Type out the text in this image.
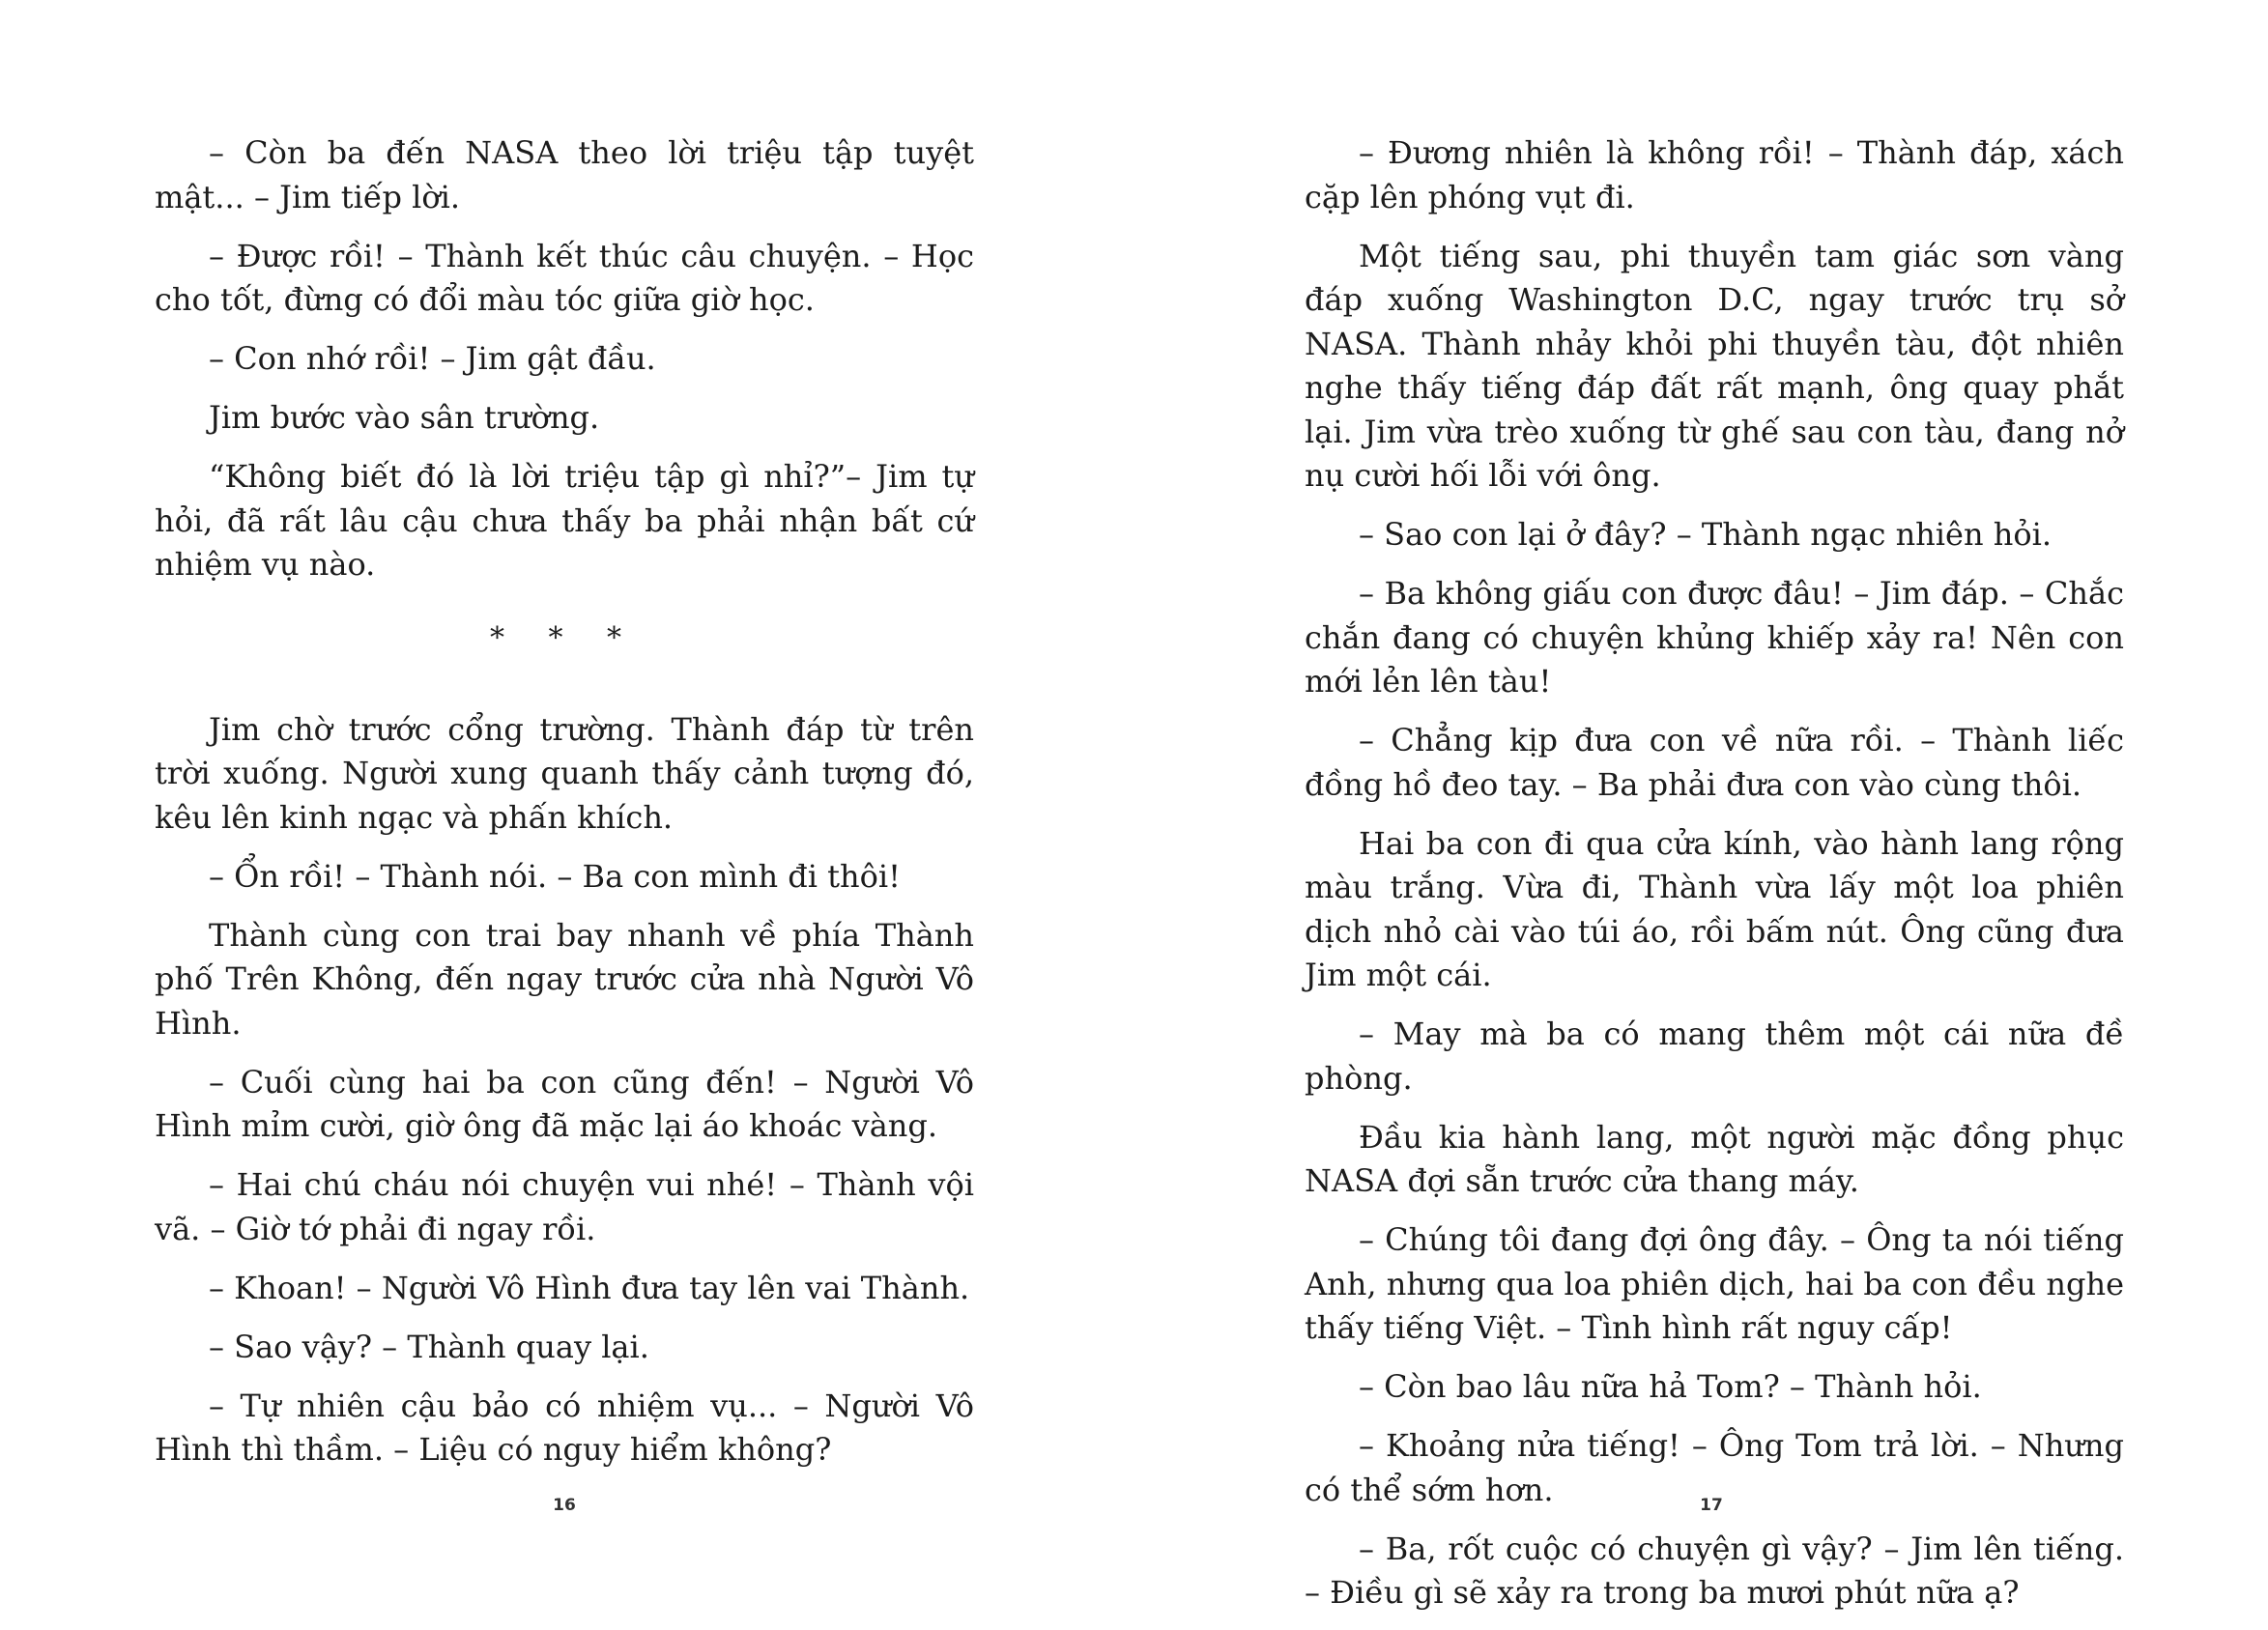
– Còn ba đến NASA theo lời triệu tập tuyệt mật... – Jim tiếp lời.

– Được rồi! – Thành kết thúc câu chuyện. – Học cho tốt, đừng có đổi màu tóc giữa giờ học.

– Con nhớ rồi! – Jim gật đầu.

Jim bước vào sân trường.

“Không biết đó là lời triệu tập gì nhỉ?”– Jim tự hỏi, đã rất lâu cậu chưa thấy ba phải nhận bất cứ nhiệm vụ nào.

* * *

Jim chờ trước cổng trường. Thành đáp từ trên trời xuống. Người xung quanh thấy cảnh tượng đó, kêu lên kinh ngạc và phấn khích.

– Ổn rồi! – Thành nói. – Ba con mình đi thôi!

Thành cùng con trai bay nhanh về phía Thành phố Trên Không, đến ngay trước cửa nhà Người Vô Hình.

– Cuối cùng hai ba con cũng đến! – Người Vô Hình mỉm cười, giờ ông đã mặc lại áo khoác vàng.

– Hai chú cháu nói chuyện vui nhé! – Thành vội vã. – Giờ tớ phải đi ngay rồi.

– Khoan! – Người Vô Hình đưa tay lên vai Thành.

– Sao vậy? – Thành quay lại.

– Tự nhiên cậu bảo có nhiệm vụ... – Người Vô Hình thì thầm. – Liệu có nguy hiểm không?

16

– Đương nhiên là không rồi! – Thành đáp, xách cặp lên phóng vụt đi.

Một tiếng sau, phi thuyền tam giác sơn vàng đáp xuống Washington D.C, ngay trước trụ sở NASA. Thành nhảy khỏi phi thuyền tàu, đột nhiên nghe thấy tiếng đáp đất rất mạnh, ông quay phắt lại. Jim vừa trèo xuống từ ghế sau con tàu, đang nở nụ cười hối lỗi với ông.

– Sao con lại ở đây? – Thành ngạc nhiên hỏi.

– Ba không giấu con được đâu! – Jim đáp. – Chắc chắn đang có chuyện khủng khiếp xảy ra! Nên con mới lẻn lên tàu!

– Chẳng kịp đưa con về nữa rồi. – Thành liếc đồng hồ đeo tay. – Ba phải đưa con vào cùng thôi.

Hai ba con đi qua cửa kính, vào hành lang rộng màu trắng. Vừa đi, Thành vừa lấy một loa phiên dịch nhỏ cài vào túi áo, rồi bấm nút. Ông cũng đưa Jim một cái.

– May mà ba có mang thêm một cái nữa đề phòng.

Đầu kia hành lang, một người mặc đồng phục NASA đợi sẵn trước cửa thang máy.

– Chúng tôi đang đợi ông đây. – Ông ta nói tiếng Anh, nhưng qua loa phiên dịch, hai ba con đều nghe thấy tiếng Việt. – Tình hình rất nguy cấp!

– Còn bao lâu nữa hả Tom? – Thành hỏi.

– Khoảng nửa tiếng! – Ông Tom trả lời. – Nhưng có thể sớm hơn.

– Ba, rốt cuộc có chuyện gì vậy? – Jim lên tiếng. – Điều gì sẽ xảy ra trong ba mươi phút nữa ạ?

17
